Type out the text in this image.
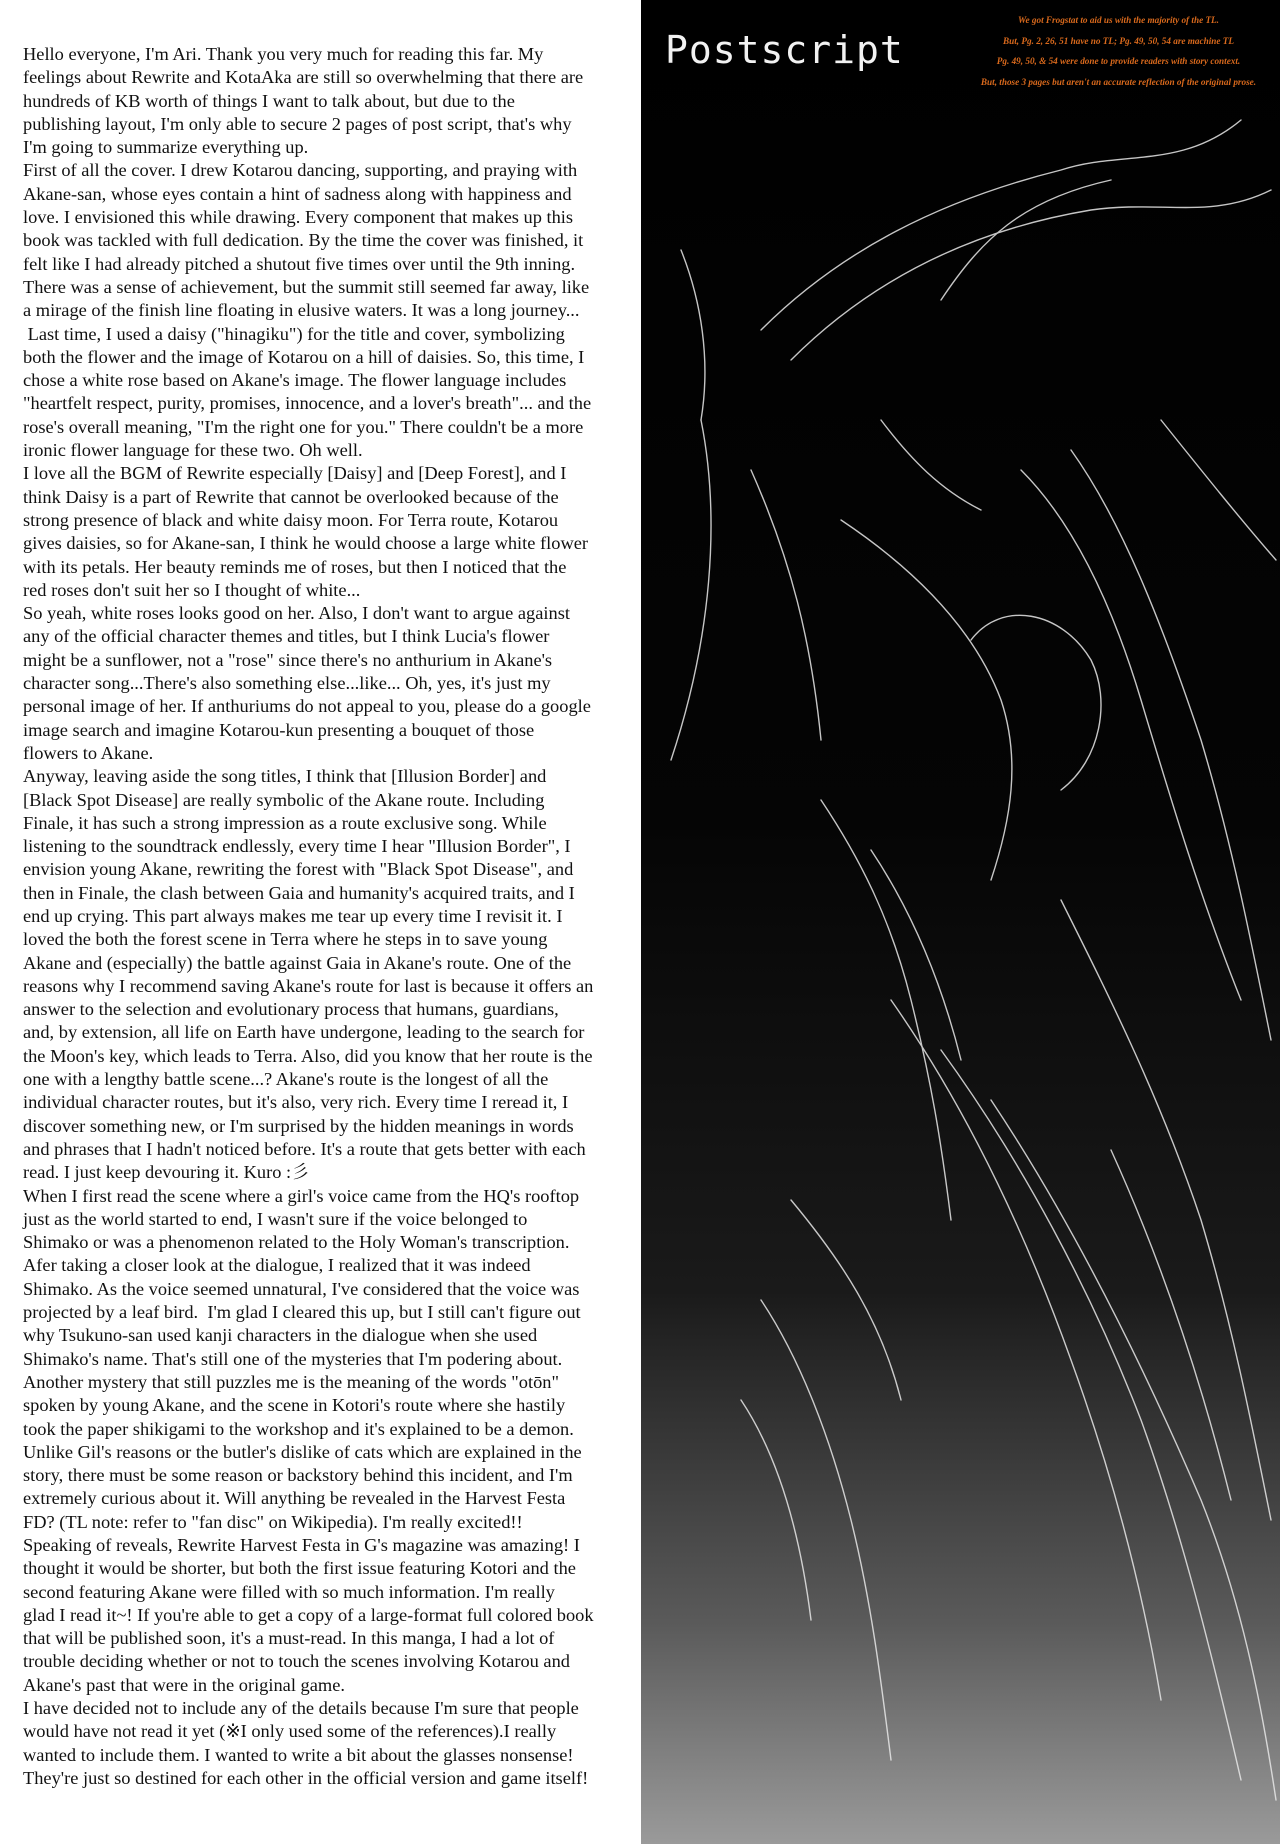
Hello everyone, I'm Ari. Thank you very much for reading this far. My
feelings about Rewrite and KotaAka are still so overwhelming that there are
hundreds of KB worth of things I want to talk about, but due to the
publishing layout, I'm only able to secure 2 pages of post script, that's why
I'm going to summarize everything up.
First of all the cover. I drew Kotarou dancing, supporting, and praying with
Akane-san, whose eyes contain a hint of sadness along with happiness and
love. I envisioned this while drawing. Every component that makes up this
book was tackled with full dedication. By the time the cover was finished, it
felt like I had already pitched a shutout five times over until the 9th inning.
There was a sense of achievement, but the summit still seemed far away, like
a mirage of the finish line floating in elusive waters. It was a long journey...
Last time, I used a daisy ("hinagiku") for the title and cover, symbolizing
both the flower and the image of Kotarou on a hill of daisies. So, this time, I
chose a white rose based on Akane's image. The flower language includes
"heartfelt respect, purity, promises, innocence, and a lover's breath"... and the
rose's overall meaning, "I'm the right one for you." There couldn't be a more
ironic flower language for these two. Oh well.
I love all the BGM of Rewrite especially [Daisy] and [Deep Forest], and I
think Daisy is a part of Rewrite that cannot be overlooked because of the
strong presence of black and white daisy moon. For Terra route, Kotarou
gives daisies, so for Akane-san, I think he would choose a large white flower
with its petals. Her beauty reminds me of roses, but then I noticed that the
red roses don't suit her so I thought of white...
So yeah, white roses looks good on her. Also, I don't want to argue against
any of the official character themes and titles, but I think Lucia's flower
might be a sunflower, not a "rose" since there's no anthurium in Akane's
character song...There's also something else...like... Oh, yes, it's just my
personal image of her. If anthuriums do not appeal to you, please do a google
image search and imagine Kotarou-kun presenting a bouquet of those
flowers to Akane.
Anyway, leaving aside the song titles, I think that [Illusion Border] and
[Black Spot Disease] are really symbolic of the Akane route. Including
Finale, it has such a strong impression as a route exclusive song. While
listening to the soundtrack endlessly, every time I hear "Illusion Border", I
envision young Akane, rewriting the forest with "Black Spot Disease", and
then in Finale, the clash between Gaia and humanity's acquired traits, and I
end up crying. This part always makes me tear up every time I revisit it. I
loved the both the forest scene in Terra where he steps in to save young
Akane and (especially) the battle against Gaia in Akane's route. One of the
reasons why I recommend saving Akane's route for last is because it offers an
answer to the selection and evolutionary process that humans, guardians,
and, by extension, all life on Earth have undergone, leading to the search for
the Moon's key, which leads to Terra. Also, did you know that her route is the
one with a lengthy battle scene...? Akane's route is the longest of all the
individual character routes, but it's also, very rich. Every time I reread it, I
discover something new, or I'm surprised by the hidden meanings in words
and phrases that I hadn't noticed before. It's a route that gets better with each
read. I just keep devouring it. Kuro :彡
When I first read the scene where a girl's voice came from the HQ's rooftop
just as the world started to end, I wasn't sure if the voice belonged to
Shimako or was a phenomenon related to the Holy Woman's transcription.
Afer taking a closer look at the dialogue, I realized that it was indeed
Shimako. As the voice seemed unnatural, I've considered that the voice was
projected by a leaf bird.  I'm glad I cleared this up, but I still can't figure out
why Tsukuno-san used kanji characters in the dialogue when she used
Shimako's name. That's still one of the mysteries that I'm podering about.
Another mystery that still puzzles me is the meaning of the words "otōn"
spoken by young Akane, and the scene in Kotori's route where she hastily
took the paper shikigami to the workshop and it's explained to be a demon.
Unlike Gil's reasons or the butler's dislike of cats which are explained in the
story, there must be some reason or backstory behind this incident, and I'm
extremely curious about it. Will anything be revealed in the Harvest Festa
FD? (TL note: refer to "fan disc" on Wikipedia). I'm really excited!!
Speaking of reveals, Rewrite Harvest Festa in G's magazine was amazing! I
thought it would be shorter, but both the first issue featuring Kotori and the
second featuring Akane were filled with so much information. I'm really
glad I read it~! If you're able to get a copy of a large-format full colored book
that will be published soon, it's a must-read. In this manga, I had a lot of
trouble deciding whether or not to touch the scenes involving Kotarou and
Akane's past that were in the original game.
I have decided not to include any of the details because I'm sure that people
would have not read it yet (※I only used some of the references).I really
wanted to include them. I wanted to write a bit about the glasses nonsense!
They're just so destined for each other in the official version and game itself!
Postscript
We got Frogstat to aid us with the majority of the TL.
But, Pg. 2, 26, 51 have no TL; Pg. 49, 50, 54 are machine TL
Pg. 49, 50, & 54 were done to provide readers with story context.
But, those 3 pages but aren't an accurate reflection of the original prose.
